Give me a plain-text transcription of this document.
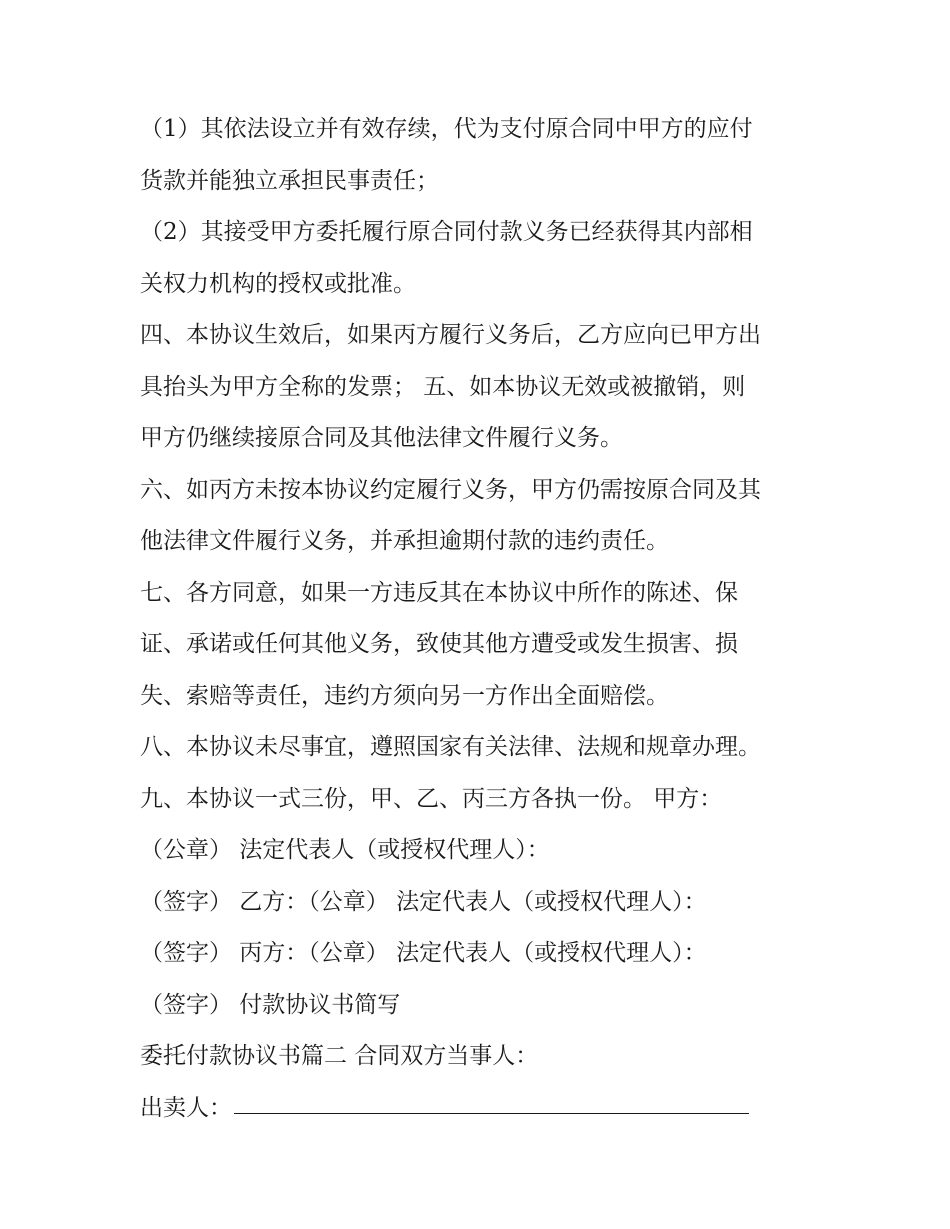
（1）其依法设立并有效存续，代为支付原合同中甲方的应付
货款并能独立承担民事责任；
（2）其接受甲方委托履行原合同付款义务已经获得其内部相
关权力机构的授权或批准。
四、本协议生效后，如果丙方履行义务后，乙方应向已甲方出
具抬头为甲方全称的发票； 五、如本协议无效或被撤销，则
甲方仍继续接原合同及其他法律文件履行义务。
六、如丙方未按本协议约定履行义务，甲方仍需按原合同及其
他法律文件履行义务，并承担逾期付款的违约责任。
七、各方同意，如果一方违反其在本协议中所作的陈述、保
证、承诺或任何其他义务，致使其他方遭受或发生损害、损
失、索赔等责任，违约方须向另一方作出全面赔偿。
八、本协议未尽事宜，遵照国家有关法律、法规和规章办理。
九、本协议一式三份，甲、乙、丙三方各执一份。 甲方：
（公章） 法定代表人（或授权代理人）：
（签字） 乙方：（公章） 法定代表人（或授权代理人）：
（签字） 丙方：（公章） 法定代表人（或授权代理人）：
（签字） 付款协议书简写
委托付款协议书篇二 合同双方当事人：
出卖人：
